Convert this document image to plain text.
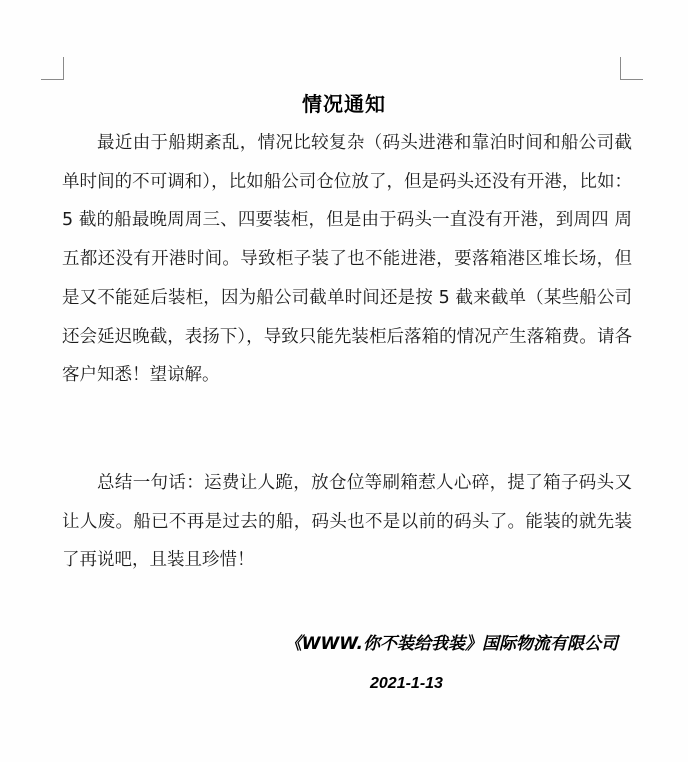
情况通知
最近由于船期紊乱，情况比较复杂（码头进港和靠泊时间和船公司截单时间的不可调和），比如船公司仓位放了，但是码头还没有开港，比如：5 截的船最晚周周三、四要装柜，但是由于码头一直没有开港，到周四 周五都还没有开港时间。导致柜子装了也不能进港，要落箱港区堆长场，但是又不能延后装柜，因为船公司截单时间还是按 5 截来截单（某些船公司还会延迟晚截，表扬下），导致只能先装柜后落箱的情况产生落箱费。请各客户知悉！望谅解。
总结一句话：运费让人跪，放仓位等刷箱惹人心碎，提了箱子码头又让人废。船已不再是过去的船，码头也不是以前的码头了。能装的就先装了再说吧，且装且珍惜！
《WWW.你不装给我装》国际物流有限公司
2021-1-13
